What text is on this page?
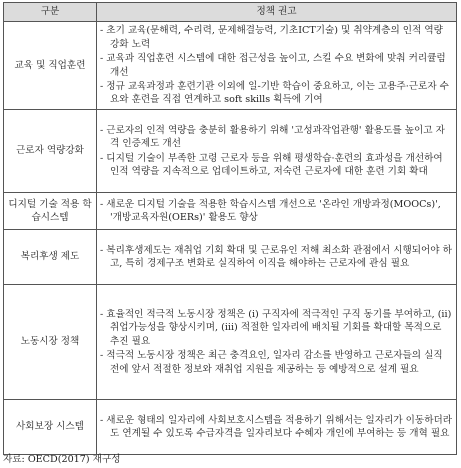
구분	정책 권고
교육 및 직업훈련	- 초기 교육(문해력, 수리력, 문제해결능력, 기초ICT기술) 및 취약계층의 인적 역량 강화 노력
- 교육과 직업훈련 시스템에 대한 접근성을 높이고, 스킬 수요 변화에 맞춰 커리큘럼 개선
- 정규 교육과정과 훈련기관 이외에 일-기반 학습이 중요하고, 이는 고용주·근로자 수요와 훈련을 직접 연계하고 soft skills 획득에 기여

근로자 역량강화	- 근로자의 인적 역량을 충분히 활용하기 위해 '고성과작업관행' 활용도를 높이고 자격 인증제도 개선
- 디지털 기술이 부족한 고령 근로자 등을 위해 평생학습·훈련의 효과성을 개선하여 인적 역량을 지속적으로 업데이트하고, 저숙련 근로자에 대한 훈련 기회 확대

디지털 기술 적용 학습시스템	- 새로운 디지털 기술을 적용한 학습시스템 개선으로 '온라인 개방과정(MOOCs)', '개방교육자원(OERs)' 활용도 향상

복리후생 제도	- 복리후생제도는 재취업 기회 확대 및 근로유인 저해 최소화 관점에서 시행되어야 하고, 특히 경제구조 변화로 실직하여 이직을 해야하는 근로자에 관심 필요

노동시장 정책	- 효율적인 적극적 노동시장 정책은 (i) 구직자에 적극적인 구직 동기를 부여하고, (ii) 취업가능성을 향상시키며, (iii) 적절한 일자리에 배치될 기회를 확대할 목적으로 추진 필요
- 적극적 노동시장 정책은 최근 충격요인, 일자리 감소를 반영하고 근로자들의 실직 전에 앞서 적절한 정보와 재취업 지원을 제공하는 등 예방적으로 설계 필요

사회보장 시스템	- 새로운 형태의 일자리에 사회보호시스템을 적용하기 위해서는 일자리가 이동하더라도 연계될 수 있도록 수급자격을 일자리보다 수혜자 개인에 부여하는 등 개혁 필요
자료: OECD(2017) 재구성
